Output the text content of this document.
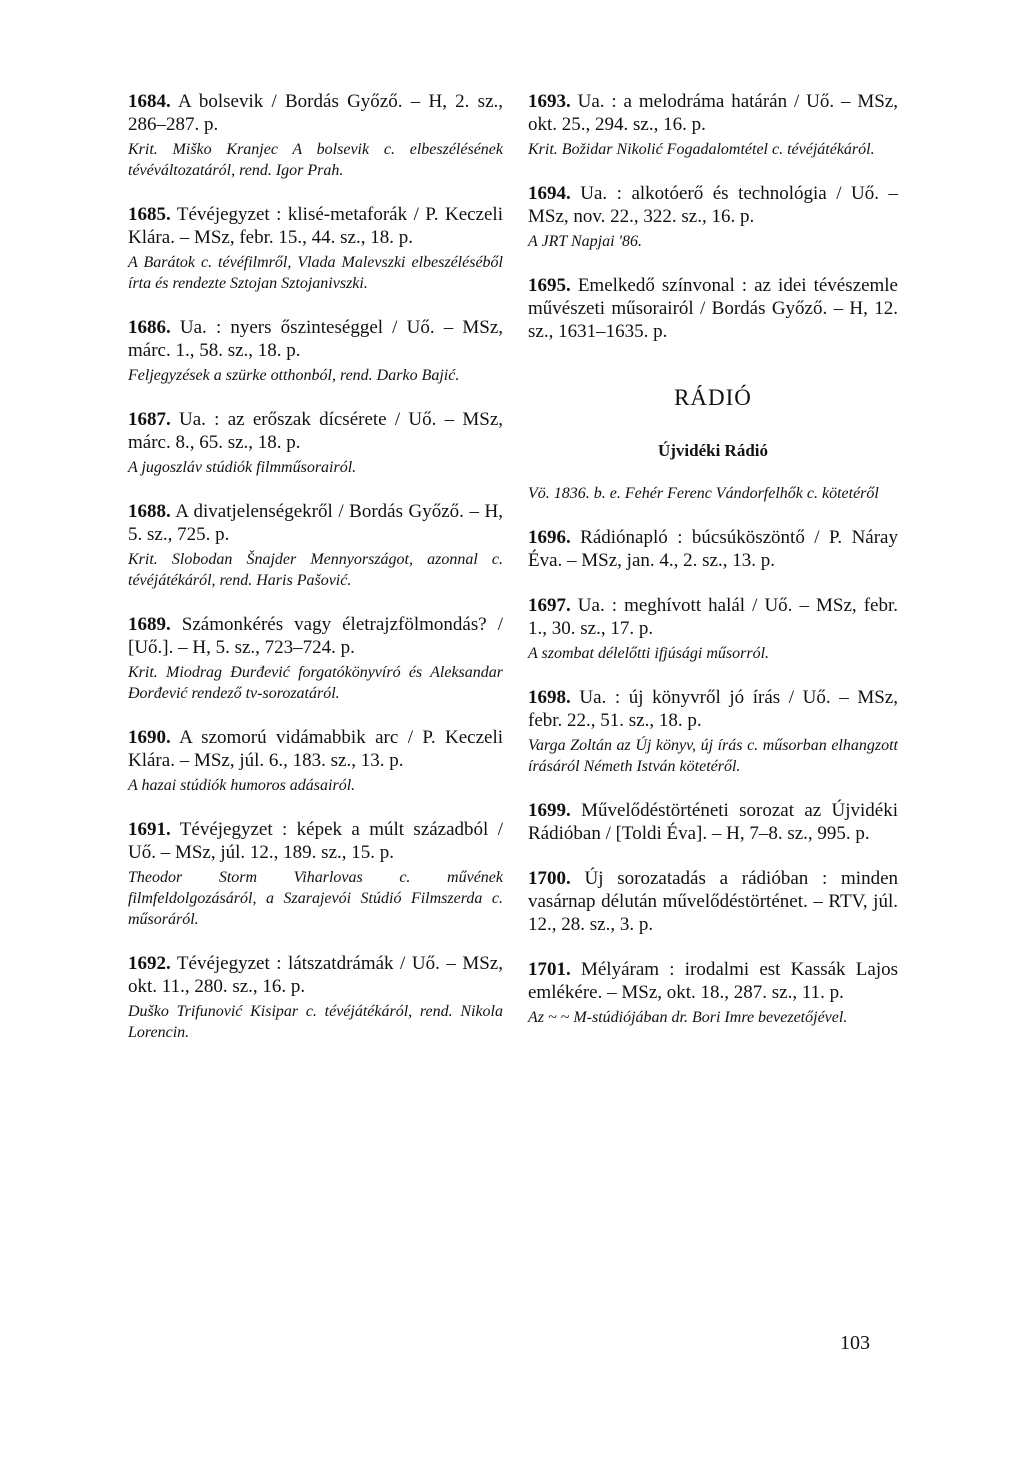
1684. A bolsevik / Bordás Győző. – H, 2. sz., 286–287. p.
Krit. Miško Kranjec A bolsevik c. elbeszélésének tévéváltozatáról, rend. Igor Prah.
1685. Tévéjegyzet : klisé-metaforák / P. Keczeli Klára. – MSz, febr. 15., 44. sz., 18. p.
A Barátok c. tévéfilmről, Vlada Malevszki elbeszéléséből írta és rendezte Sztojan Sztojanivszki.
1686. Ua. : nyers őszinteséggel / Uő. – MSz, márc. 1., 58. sz., 18. p.
Feljegyzések a szürke otthonból, rend. Darko Bajić.
1687. Ua. : az erőszak dícsérete / Uő. – MSz, márc. 8., 65. sz., 18. p.
A jugoszláv stúdiók filmműsorairól.
1688. A divatjelenségekről / Bordás Győző. – H, 5. sz., 725. p.
Krit. Slobodan Šnajder Mennyországot, azonnal c. tévéjátékáról, rend. Haris Pašović.
1689. Számonkérés vagy életrajzfölmondás? / [Uő.]. – H, 5. sz., 723–724. p.
Krit. Miodrag Đurđević forgatókönyvíró és Aleksandar Đorđević rendező tv-sorozatáról.
1690. A szomorú vidámabbik arc / P. Keczeli Klára. – MSz, júl. 6., 183. sz., 13. p.
A hazai stúdiók humoros adásairól.
1691. Tévéjegyzet : képek a múlt századból / Uő. – MSz, júl. 12., 189. sz., 15. p.
Theodor Storm Viharlovas c. művének filmfeldolgozásáról, a Szarajevói Stúdió Filmszerda c. műsoráról.
1692. Tévéjegyzet : látszatdrámák / Uő. – MSz, okt. 11., 280. sz., 16. p.
Duško Trifunović Kisipar c. tévéjátékáról, rend. Nikola Lorencin.
1693. Ua. : a melodráma határán / Uő. – MSz, okt. 25., 294. sz., 16. p.
Krit. Božidar Nikolić Fogadalomtétel c. tévéjátékáról.
1694. Ua. : alkotóerő és technológia / Uő. – MSz, nov. 22., 322. sz., 16. p.
A JRT Napjai '86.
1695. Emelkedő színvonal : az idei tévészemle művészeti műsorairól / Bordás Győző. – H, 12. sz., 1631–1635. p.
RÁDIÓ
Újvidéki Rádió
Vö. 1836. b. e. Fehér Ferenc Vándorfelhők c. kötetéről
1696. Rádiónapló : búcsúköszöntő / P. Náray Éva. – MSz, jan. 4., 2. sz., 13. p.
1697. Ua. : meghívott halál / Uő. – MSz, febr. 1., 30. sz., 17. p.
A szombat délelőtti ifjúsági műsorról.
1698. Ua. : új könyvről jó írás / Uő. – MSz, febr. 22., 51. sz., 18. p.
Varga Zoltán az Új könyv, új írás c. műsorban elhangzott írásáról Németh István kötetéről.
1699. Művelődéstörténeti sorozat az Újvidéki Rádióban / [Toldi Éva]. – H, 7–8. sz., 995. p.
1700. Új sorozatadás a rádióban : minden vasárnap délután művelődéstörténet. – RTV, júl. 12., 28. sz., 3. p.
1701. Mélyáram : irodalmi est Kassák Lajos emlékére. – MSz, okt. 18., 287. sz., 11. p.
Az ~ ~ M-stúdiójában dr. Bori Imre bevezetőjével.
103
